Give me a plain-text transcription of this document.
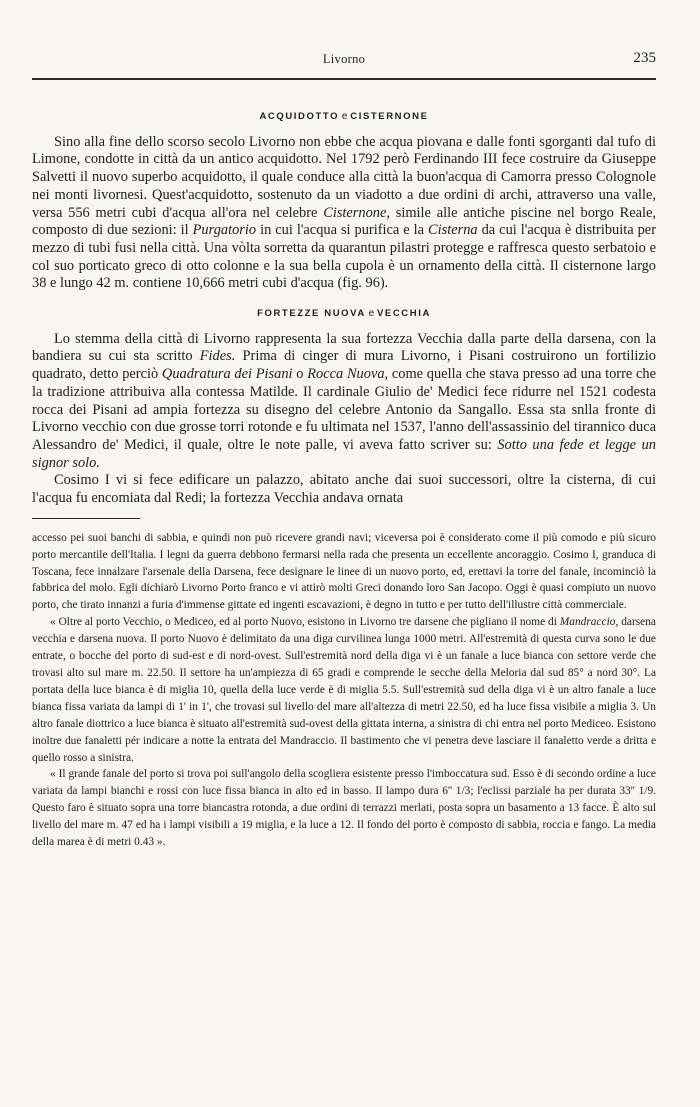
Livorno	235
ACQUIDOTTO e CISTERNONE

Sino alla fine dello scorso secolo Livorno non ebbe che acqua piovana e dalle fonti sgorganti dal tufo di Limone, condotte in città da un antico acquidotto. Nel 1792 però Ferdinando III fece costruire da Giuseppe Salvetti il nuovo superbo acquidotto, il quale conduce alla città la buon'acqua di Camorra presso Colognole nei monti livornesi. Quest'acquidotto, sostenuto da un viadotto a due ordini di archi, attraverso una valle, versa 556 metri cubi d'acqua all'ora nel celebre Cisternone, simile alle antiche piscine nel borgo Reale, composto di due sezioni: il Purgatorio in cui l'acqua si purifica e la Cisterna da cui l'acqua è distribuita per mezzo di tubi fusi nella città. Una vòlta sorretta da quarantun pilastri protegge e raffresca questo serbatoio e col suo porticato greco di otto colonne e la sua bella cupola è un ornamento della città. Il cisternone largo 38 e lungo 42 m. contiene 10,666 metri cubi d'acqua (fig. 96).

FORTEZZE NUOVA e VECCHIA

Lo stemma della città di Livorno rappresenta la sua fortezza Vecchia dalla parte della darsena, con la bandiera su cui sta scritto Fides. Prima di cinger di mura Livorno, i Pisani costruirono un fortilizio quadrato, detto perciò Quadratura dei Pisani o Rocca Nuova, come quella che stava presso ad una torre che la tradizione attribuiva alla contessa Matilde. Il cardinale Giulio de' Medici fece ridurre nel 1521 codesta rocca dei Pisani ad ampia fortezza su disegno del celebre Antonio da Sangallo. Essa sta snlla fronte di Livorno vecchio con due grosse torri rotonde e fu ultimata nel 1537, l'anno dell'assassinio del tirannico duca Alessandro de' Medici, il quale, oltre le note palle, vi aveva fatto scriver su: Sotto una fede et legge un signor solo.

Cosimo I vi si fece edificare un palazzo, abitato anche dai suoi successori, oltre la cisterna, di cui l'acqua fu encomiata dal Redi; la fortezza Vecchia andava ornata

accesso pei suoi banchi di sabbia, e quindi non può ricevere grandi navi; viceversa poi è considerato come il più comodo e più sicuro porto mercantile dell'Italia. I legni da guerra debbono fermarsi nella rada che presenta un eccellente ancoraggio. Cosimo I, granduca di Toscana, fece innalzare l'arsenale della Darsena, fece designare le linee di un nuovo porto, ed, erettavi la torre del fanale, incominciò la fabbrica del molo. Egli dichiarò Livorno Porto franco e vi attirò molti Greci donando loro San Jacopo. Oggi è quasi compiuto un nuovo porto, che tirato innanzi a furia d'immense gittate ed ingenti escavazioni, è degno in tutto e per tutto dell'illustre città commerciale.

« Oltre al porto Vecchio, o Mediceo, ed al porto Nuovo, esistono in Livorno tre darsene che pigliano il nome di Mandraccio, darsena vecchia e darsena nuova. Il porto Nuovo è delimitato da una diga curvilinea lunga 1000 metri. All'estremità di questa curva sono le due entrate, o bocche del porto di sud-est e di nord-ovest. Sull'estremità nord della diga vi è un fanale a luce bianca con settore verde che trovasi alto sul mare m. 22.50. Il settore ha un'ampiezza di 65 gradi e comprende le secche della Meloria dal sud 85° a nord 30°. La portata della luce bianca è di miglia 10, quella della luce verde è di miglia 5.5. Sull'estremità sud della diga vi è un altro fanale a luce bianca fissa variata da lampi di 1' in 1', che trovasi sul livello del mare all'altezza di metri 22.50, ed ha luce fissa visibile a miglia 3. Un altro fanale diottrico a luce bianca è situato all'estremità sud-ovest della gittata interna, a sinistra di chi entra nel porto Mediceo. Esistono inoltre due fanaletti pér indicare a notte la entrata del Mandraccio. Il bastimento che vi penetra deve lasciare il fanaletto verde a dritta e quello rosso a sinistra.

« Il grande fanale del porto si trova poi sull'angolo della scogliera esistente presso l'imboccatura sud. Esso è di secondo ordine a luce variata da lampi bianchi e rossi con luce fissa bianca in alto ed in basso. Il lampo dura 6'' 1/3; l'eclissi parziale ha per durata 33'' 1/9. Questo faro è situato sopra una torre biancastra rotonda, a due ordini di terrazzi merlati, posta sopra un basamento a 13 facce. È alto sul livello del mare m. 47 ed ha i lampi visibili a 19 miglia, e la luce a 12. Il fondo del porto è composto di sabbia, roccia e fango. La media della marea è di metri 0.43 ».
